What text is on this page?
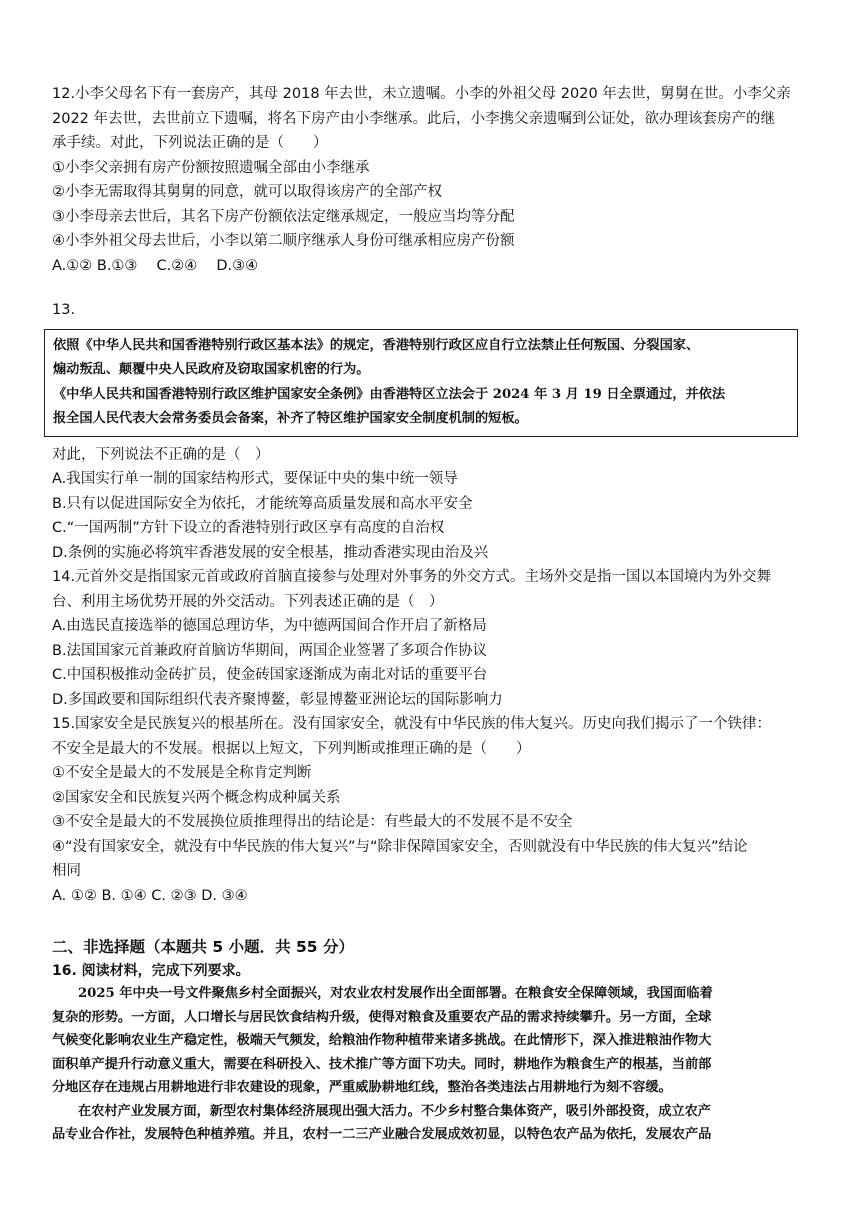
12.小李父母名下有一套房产，其母 2018 年去世，未立遗嘱。小李的外祖父母 2020 年去世，舅舅在世。小李父亲
2022 年去世，去世前立下遗嘱，将名下房产由小李继承。此后，小李携父亲遗嘱到公证处，欲办理该套房产的继
承手续。对此，下列说法正确的是（　　）
①小李父亲拥有房产份额按照遗嘱全部由小李继承
②小李无需取得其舅舅的同意，就可以取得该房产的全部产权
③小李母亲去世后，其名下房产份额依法定继承规定，一般应当均等分配
④小李外祖父母去世后，小李以第二顺序继承人身份可继承相应房产份额
A.①② B.①③　 C.②④　 D.③④
13.
依照《中华人民共和国香港特别行政区基本法》的规定，香港特别行政区应自行立法禁止任何叛国、分裂国家、
煽动叛乱、颠覆中央人民政府及窃取国家机密的行为。
《中华人民共和国香港特别行政区维护国家安全条例》由香港特区立法会于 2024 年 3 月 19 日全票通过，并依法
报全国人民代表大会常务委员会备案，补齐了特区维护国家安全制度机制的短板。
对此，下列说法不正确的是（　）
A.我国实行单一制的国家结构形式，要保证中央的集中统一领导
B.只有以促进国际安全为依托，才能统筹高质量发展和高水平安全
C.“一国两制”方针下设立的香港特别行政区享有高度的自治权
D.条例的实施必将筑牢香港发展的安全根基，推动香港实现由治及兴
14.元首外交是指国家元首或政府首脑直接参与处理对外事务的外交方式。主场外交是指一国以本国境内为外交舞
台、利用主场优势开展的外交活动。下列表述正确的是（　）
A.由选民直接选举的德国总理访华，为中德两国间合作开启了新格局
B.法国国家元首兼政府首脑访华期间，两国企业签署了多项合作协议
C.中国积极推动金砖扩员，使金砖国家逐渐成为南北对话的重要平台
D.多国政要和国际组织代表齐聚博鳌，彰显博鳌亚洲论坛的国际影响力
15.国家安全是民族复兴的根基所在。没有国家安全，就没有中华民族的伟大复兴。历史向我们揭示了一个铁律：
不安全是最大的不发展。根据以上短文，下列判断或推理正确的是（　　）
①不安全是最大的不发展是全称肯定判断
②国家安全和民族复兴两个概念构成种属关系
③不安全是最大的不发展换位质推理得出的结论是：有些最大的不发展不是不安全
④“没有国家安全，就没有中华民族的伟大复兴”与“除非保障国家安全，否则就没有中华民族的伟大复兴”结论
相同
A. ①② B. ①④ C. ②③ D. ③④
二、非选择题（本题共 5 小题．共 55 分）
16. 阅读材料，完成下列要求。
2025 年中央一号文件聚焦乡村全面振兴，对农业农村发展作出全面部署。在粮食安全保障领域，我国面临着
复杂的形势。一方面，人口增长与居民饮食结构升级，使得对粮食及重要农产品的需求持续攀升。另一方面，全球
气候变化影响农业生产稳定性，极端天气频发，给粮油作物种植带来诸多挑战。在此情形下，深入推进粮油作物大
面积单产提升行动意义重大，需要在科研投入、技术推广等方面下功夫。同时，耕地作为粮食生产的根基，当前部
分地区存在违规占用耕地进行非农建设的现象，严重威胁耕地红线，整治各类违法占用耕地行为刻不容缓。
在农村产业发展方面，新型农村集体经济展现出强大活力。不少乡村整合集体资产，吸引外部投资，成立农产
品专业合作社，发展特色种植养殖。并且，农村一二三产业融合发展成效初显，以特色农产品为依托，发展农产品
